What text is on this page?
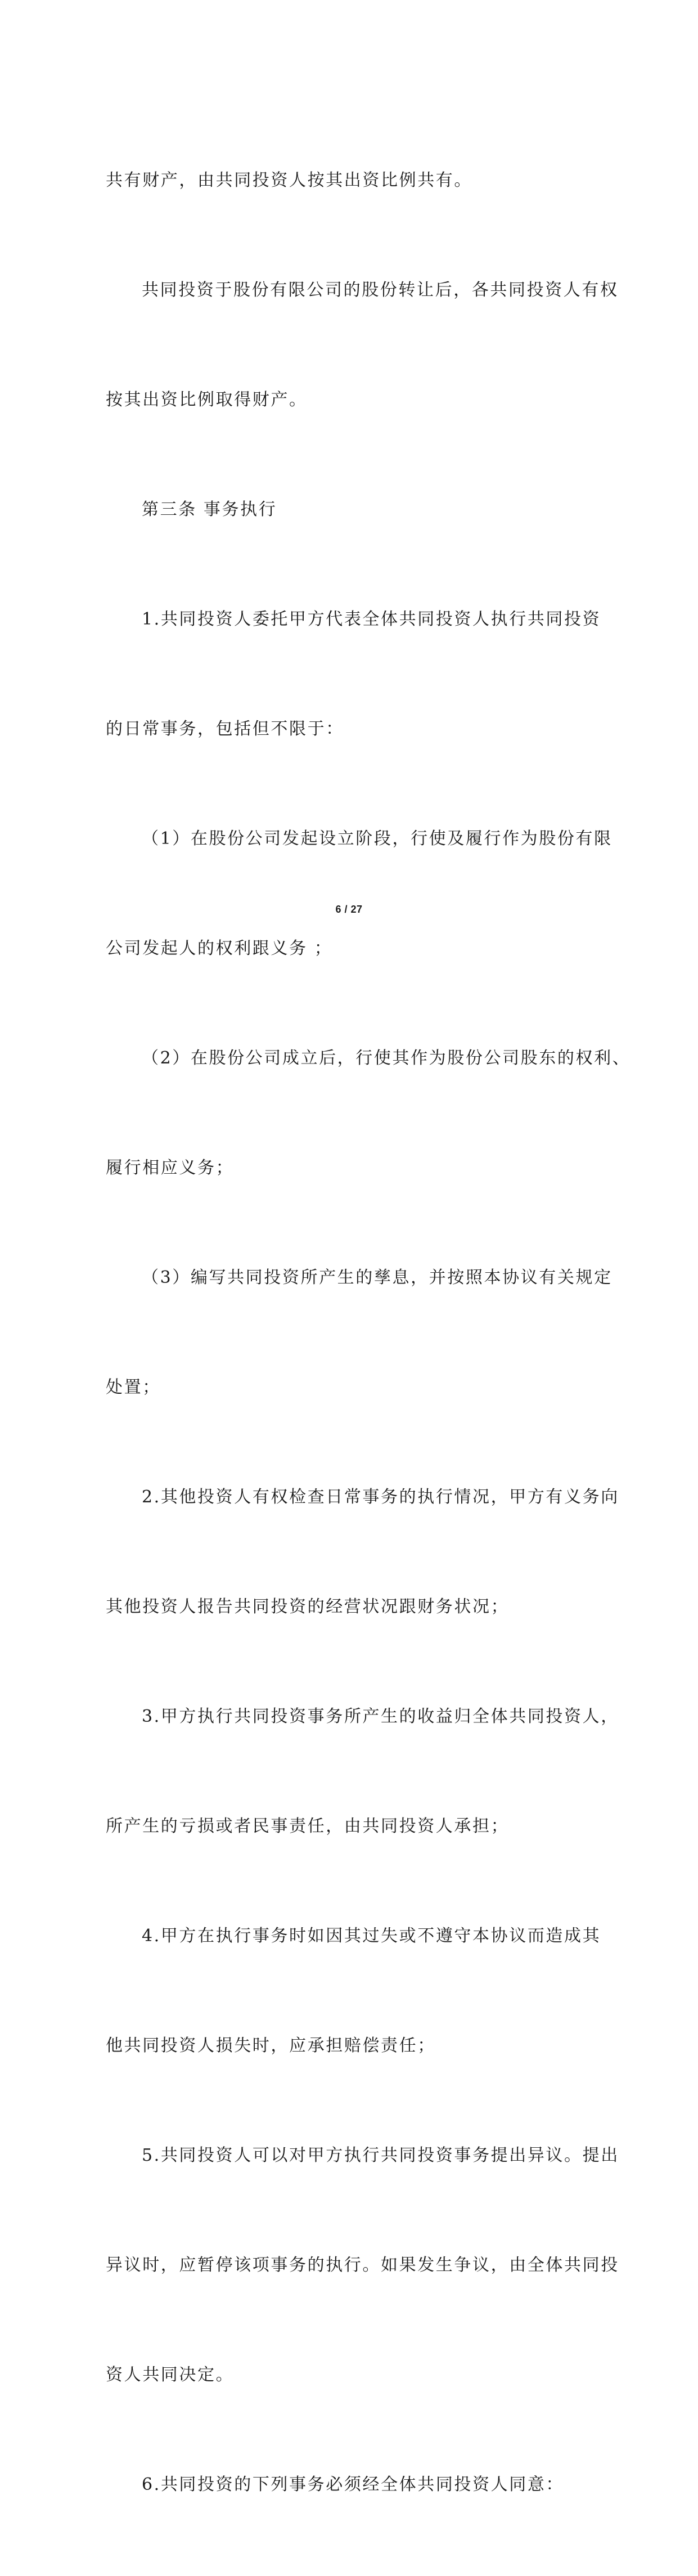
共有财产，由共同投资人按其出资比例共有。

共同投资于股份有限公司的股份转让后，各共同投资人有权

按其出资比例取得财产。

第三条 事务执行

1.共同投资人委托甲方代表全体共同投资人执行共同投资

的日常事务，包括但不限于：

（1）在股份公司发起设立阶段，行使及履行作为股份有限

公司发起人的权利跟义务 ；

（2）在股份公司成立后，行使其作为股份公司股东的权利、

履行相应义务；

（3）编写共同投资所产生的孳息，并按照本协议有关规定

处置；

2.其他投资人有权检查日常事务的执行情况，甲方有义务向

其他投资人报告共同投资的经营状况跟财务状况；

3.甲方执行共同投资事务所产生的收益归全体共同投资人，

所产生的亏损或者民事责任，由共同投资人承担；

4.甲方在执行事务时如因其过失或不遵守本协议而造成其

他共同投资人损失时，应承担赔偿责任；

5.共同投资人可以对甲方执行共同投资事务提出异议。提出

异议时，应暂停该项事务的执行。如果发生争议，由全体共同投

资人共同决定。

6.共同投资的下列事务必须经全体共同投资人同意：

6 / 27
